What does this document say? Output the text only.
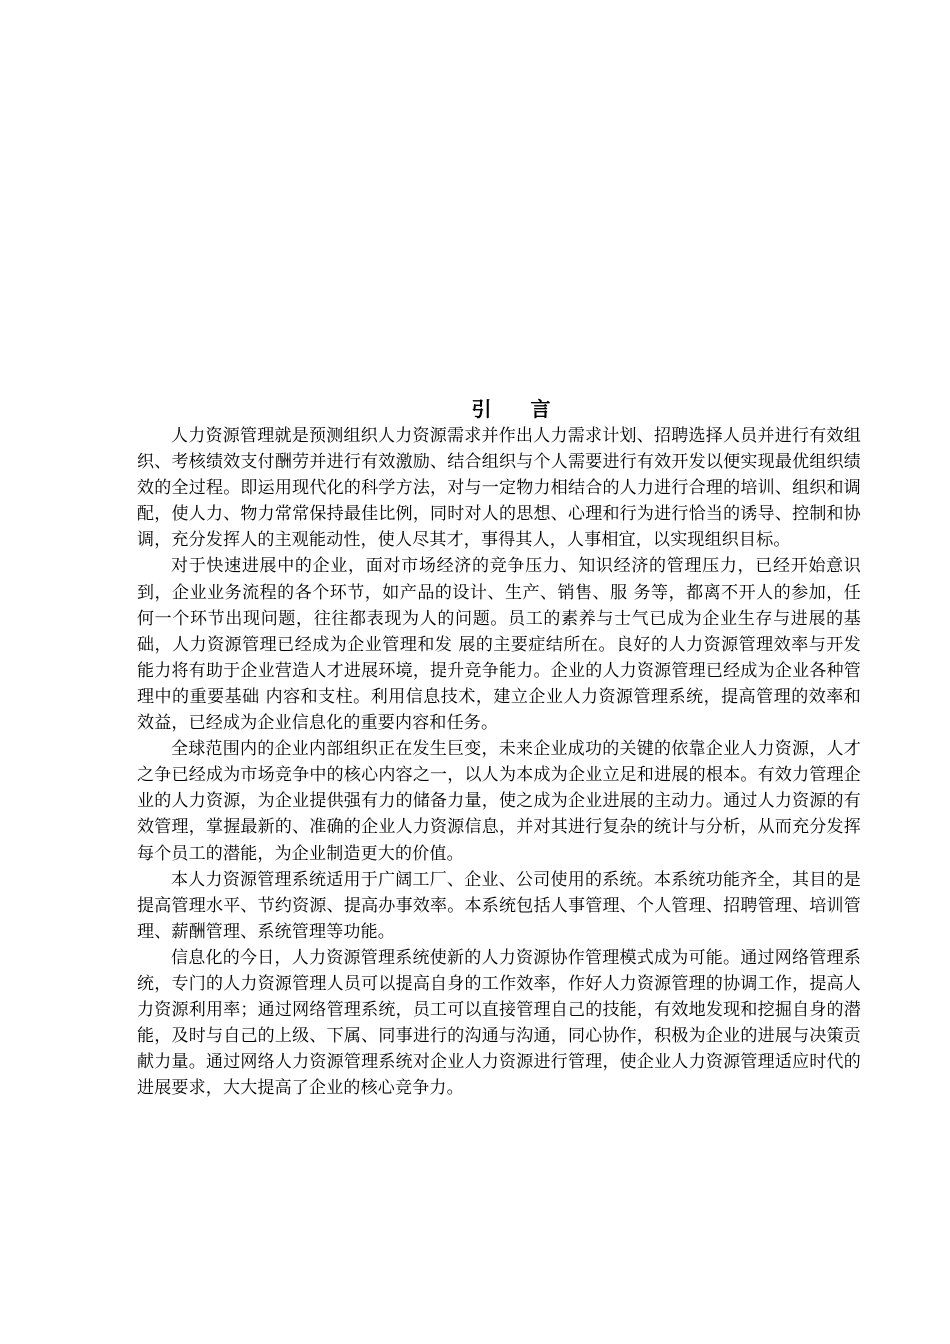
引 言

人力资源管理就是预测组织人力资源需求并作出人力需求计划、招聘选择人员并进行有效组织、考核绩效支付酬劳并进行有效激励、结合组织与个人需要进行有效开发以便实现最优组织绩效的全过程。即运用现代化的科学方法，对与一定物力相结合的人力进行合理的培训、组织和调配，使人力、物力常常保持最佳比例，同时对人的思想、心理和行为进行恰当的诱导、控制和协调，充分发挥人的主观能动性，使人尽其才，事得其人，人事相宜，以实现组织目标。

对于快速进展中的企业，面对市场经济的竞争压力、知识经济的管理压力，已经开始意识到，企业业务流程的各个环节，如产品的设计、生产、销售、服 务等，都离不开人的参加，任何一个环节出现问题，往往都表现为人的问题。员工的素养与士气已成为企业生存与进展的基础，人力资源管理已经成为企业管理和发 展的主要症结所在。良好的人力资源管理效率与开发能力将有助于企业营造人才进展环境，提升竞争能力。企业的人力资源管理已经成为企业各种管理中的重要基础 内容和支柱。利用信息技术，建立企业人力资源管理系统，提高管理的效率和效益，已经成为企业信息化的重要内容和任务。

全球范围内的企业内部组织正在发生巨变，未来企业成功的关键的依靠企业人力资源，人才之争已经成为市场竞争中的核心内容之一，以人为本成为企业立足和进展的根本。有效力管理企业的人力资源，为企业提供强有力的储备力量，使之成为企业进展的主动力。通过人力资源的有效管理，掌握最新的、准确的企业人力资源信息，并对其进行复杂的统计与分析，从而充分发挥每个员工的潜能，为企业制造更大的价值。

本人力资源管理系统适用于广阔工厂、企业、公司使用的系统。本系统功能齐全，其目的是提高管理水平、节约资源、提高办事效率。本系统包括人事管理、个人管理、招聘管理、培训管理、薪酬管理、系统管理等功能。

信息化的今日，人力资源管理系统使新的人力资源协作管理模式成为可能。通过网络管理系统，专门的人力资源管理人员可以提高自身的工作效率，作好人力资源管理的协调工作，提高人力资源利用率；通过网络管理系统，员工可以直接管理自己的技能，有效地发现和挖掘自身的潜能，及时与自己的上级、下属、同事进行的沟通与沟通，同心协作，积极为企业的进展与决策贡献力量。通过网络人力资源管理系统对企业人力资源进行管理，使企业人力资源管理适应时代的进展要求，大大提高了企业的核心竞争力。
